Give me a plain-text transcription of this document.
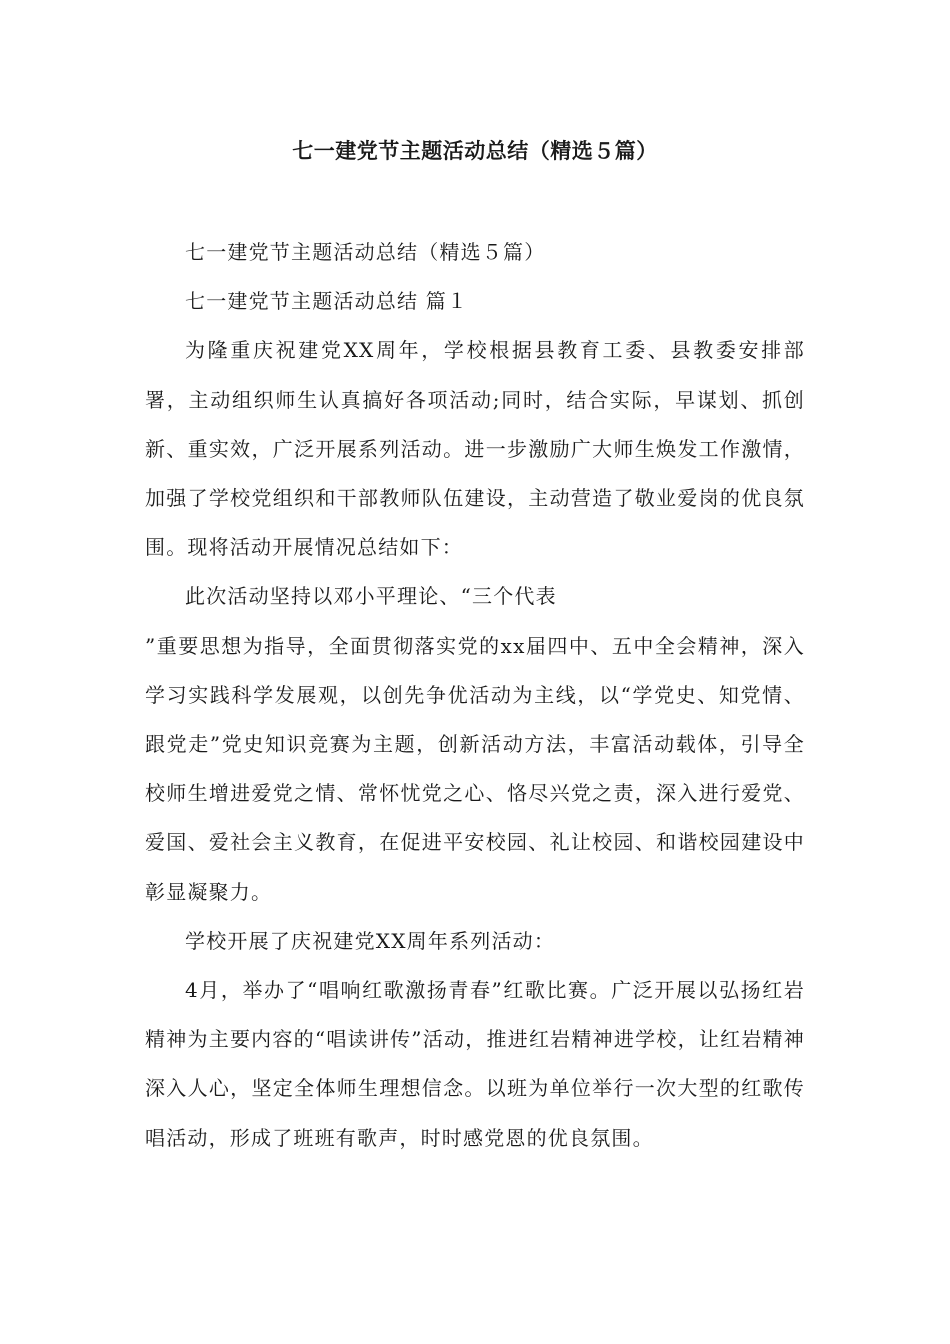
七一建党节主题活动总结（精选５篇）

七一建党节主题活动总结（精选５篇）

七一建党节主题活动总结 篇１

为隆重庆祝建党XX周年，学校根据县教育工委、县教委安排部署，主动组织师生认真搞好各项活动;同时，结合实际，早谋划、抓创新、重实效，广泛开展系列活动。进一步激励广大师生焕发工作激情，加强了学校党组织和干部教师队伍建设，主动营造了敬业爱岗的优良氛围。现将活动开展情况总结如下：

此次活动坚持以邓小平理论、“三个代表

”重要思想为指导，全面贯彻落实党的xx届四中、五中全会精神，深入学习实践科学发展观，以创先争优活动为主线，以“学党史、知党情、跟党走”党史知识竞赛为主题，创新活动方法，丰富活动载体，引导全校师生增进爱党之情、常怀忧党之心、恪尽兴党之责，深入进行爱党、爱国、爱社会主义教育，在促进平安校园、礼让校园、和谐校园建设中彰显凝聚力。

学校开展了庆祝建党XX周年系列活动：

4月，举办了“唱响红歌激扬青春”红歌比赛。广泛开展以弘扬红岩精神为主要内容的“唱读讲传”活动，推进红岩精神进学校，让红岩精神深入人心，坚定全体师生理想信念。以班为单位举行一次大型的红歌传唱活动，形成了班班有歌声，时时感党恩的优良氛围。
